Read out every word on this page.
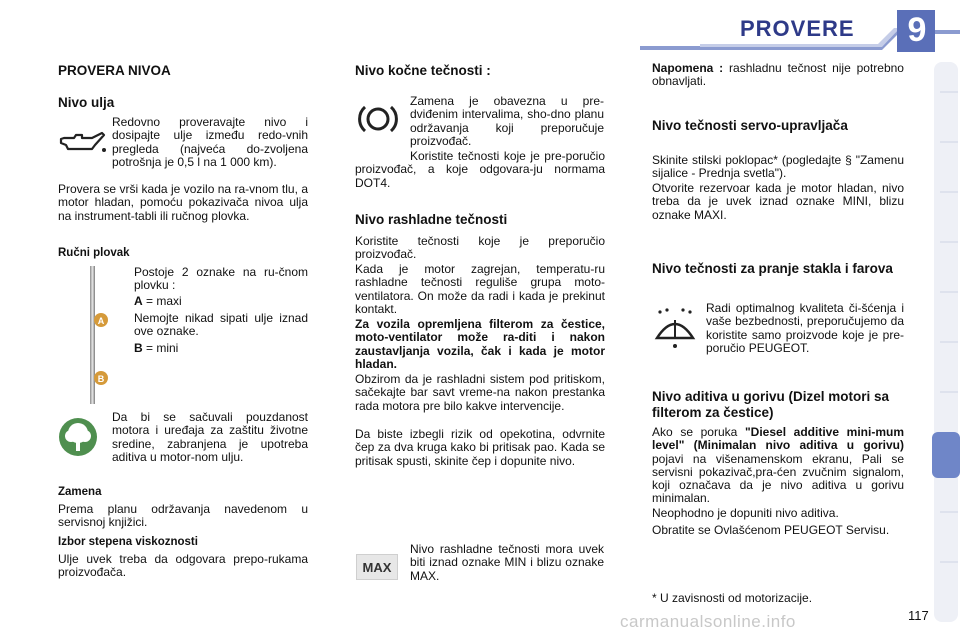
PROVERE 9
PROVERA NIVOA
Nivo ulja

Redovno proveravajte nivo i dosipajte ulje između redo-vnih pregleda (najveća do-zvoljena potrošnja je 0,5 l na 1 000 km).

Provera se vrši kada je vozilo na ra-vnom tlu, a motor hladan, pomoću pokazivača nivoa ulja na instrument-tabli ili ručnog plovka.

Ručni plovak
A
B

Postoje 2 oznake na ru-čnom plovku :

A = maxi

Nemojte nikad sipati ulje iznad ove oznake.

B = mini

Da bi se sačuvali pouzdanost motora i uređaja za zaštitu životne sredine, zabranjena je upotreba aditiva u motor-nom ulju.

Zamena

Prema planu održavanja navedenom u servisnoj knjižici.

Izbor stepena viskoznosti

Ulje uvek treba da odgovara prepo-rukama proizvođača.

Nivo kočne tečnosti :

Zamena je obavezna u pre-dviđenim intervalima, sho-dno planu održavanja koji preporučuje proizvođač.

Koristite tečnosti koje je pre-poručio proizvođač, a koje odgovara-ju normama DOT4.

Nivo rashladne tečnosti

Koristite tečnosti koje je preporučio proizvođač.

Kada je motor zagrejan, temperatu-ru rashladne tečnosti reguliše grupa moto-ventilatora. On može da radi i kada je prekinut kontakt.

Za vozila opremljena filterom za čestice, moto-ventilator može ra-diti i nakon zaustavljanja vozila, čak i kada je motor hladan.

Obzirom da je rashladni sistem pod pritiskom, sačekajte bar savt vreme-na nakon prestanka rada motora pre bilo kakve intervencije.

Da biste izbegli rizik od opekotina, odvrnite čep za dva kruga kako bi pritisak pao. Kada se pritisak spusti, skinite čep i dopunite nivo.

MAX

Nivo rashladne tečnosti mora uvek biti iznad oznake MIN i blizu oznake MAX.

Napomena : rashladnu tečnost nije potrebno obnavljati.

Nivo tečnosti servo-upravljača

Skinite stilski poklopac* (pogledajte § "Zamenu sijalice - Prednja svetla").

Otvorite rezervoar kada je motor hladan, nivo treba da je uvek iznad oznake MINI, blizu oznake MAXI.

Nivo tečnosti za pranje stakla i farova

Radi optimalnog kvaliteta či-šćenja i vaše bezbednosti, preporučujemo da koristite samo proizvode koje je pre-poručio PEUGEOT.

Nivo aditiva u gorivu (Dizel motori sa filterom za čestice)

Ako se poruka "Diesel additive mini-mum level" (Minimalan nivo aditiva u gorivu) pojavi na višenamenskom ekranu, Pali se servisni pokazivač,pra-ćen zvučnim signalom, koji označava da je nivo aditiva u gorivu minimalan.

Neophodno je dopuniti nivo aditiva.

Obratite se Ovlašćenom PEUGEOT Servisu.

* U zavisnosti od motorizacije.

carmanualsonline.info	117
